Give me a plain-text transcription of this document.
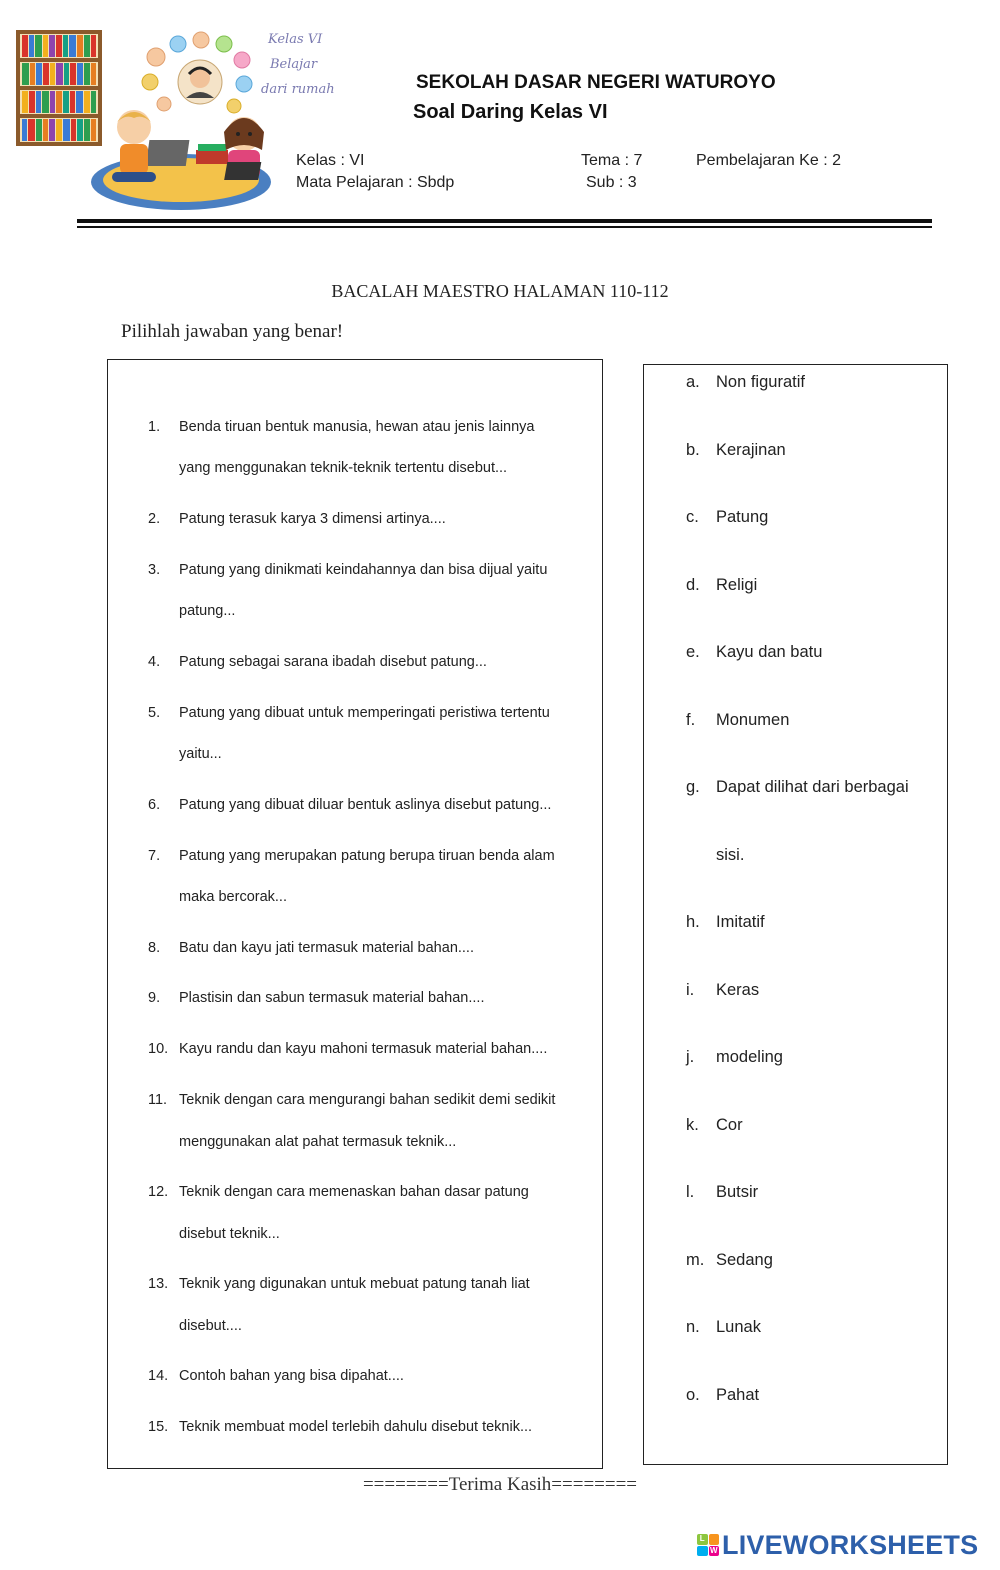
Kelas VI
Belajar
dari rumah	SEKOLAH DASAR NEGERI WATUROYO
Soal Daring Kelas VI
Kelas : VI
Mata Pelajaran : Sbdp
Tema : 7
Sub : 3
Pembelajaran Ke : 2
BACALAH MAESTRO HALAMAN 110-112
Pilihlah jawaban yang benar!
1. Benda tiruan bentuk manusia, hewan atau jenis lainnya
yang menggunakan teknik-teknik tertentu disebut...
2. Patung terasuk karya 3 dimensi artinya....
3. Patung yang dinikmati keindahannya dan bisa dijual yaitu
patung...
4. Patung sebagai sarana ibadah disebut patung...
5. Patung yang dibuat untuk memperingati peristiwa tertentu
yaitu...
6. Patung yang dibuat diluar bentuk aslinya disebut patung...
7. Patung yang merupakan patung berupa tiruan benda alam
maka bercorak...
8. Batu dan kayu jati termasuk material bahan....
9. Plastisin dan sabun termasuk material bahan....
10. Kayu randu dan kayu mahoni termasuk material bahan....
11. Teknik dengan cara mengurangi bahan sedikit demi sedikit
menggunakan alat pahat termasuk teknik...
12. Teknik dengan cara memenaskan bahan dasar patung
disebut teknik...
13. Teknik yang digunakan untuk mebuat patung tanah liat
disebut....
14. Contoh bahan yang bisa dipahat....
15. Teknik membuat model terlebih dahulu disebut teknik...
a. Non figuratif
b. Kerajinan
c. Patung
d. Religi
e. Kayu dan batu
f. Monumen
g. Dapat dilihat dari berbagai
sisi.
h. Imitatif
i. Keras
j. modeling
k. Cor
l. Butsir
m. Sedang
n. Lunak
o. Pahat
========Terima Kasih========
L
W LIVEWORKSHEETS
